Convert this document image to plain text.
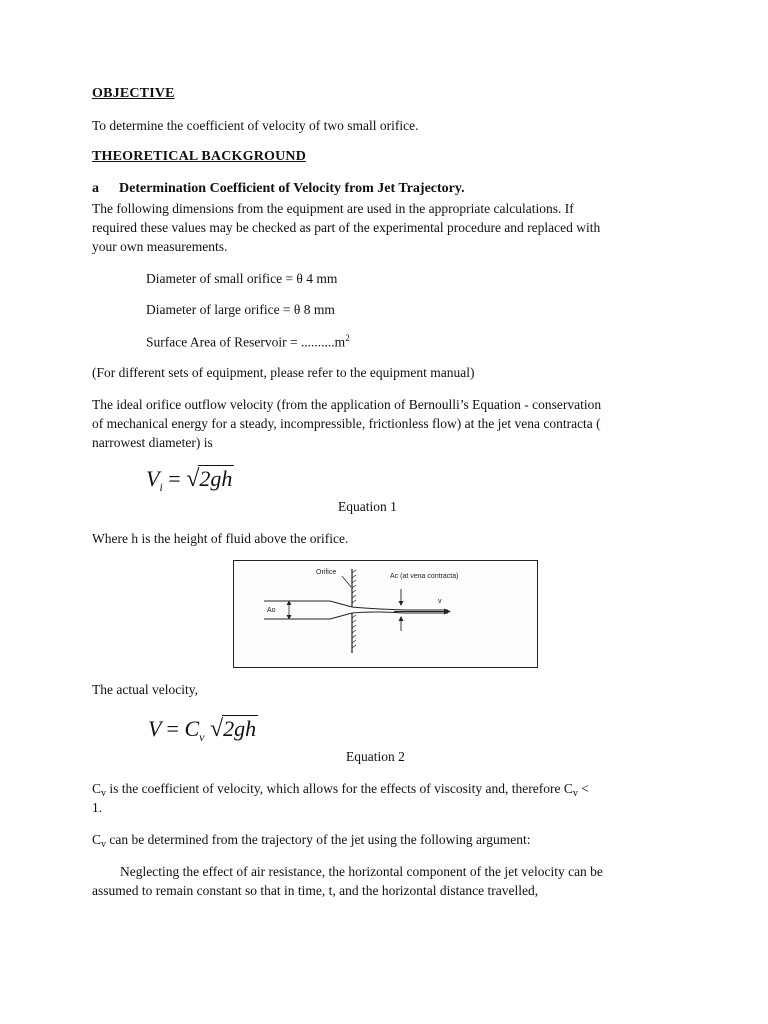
OBJECTIVE
To determine the coefficient of velocity of two small orifice.
THEORETICAL BACKGROUND
a Determination Coefficient of Velocity from Jet Trajectory.
The following dimensions from the equipment are used in the appropriate calculations. If
required these values may be checked as part of the experimental procedure and replaced with
your own measurements.
Diameter of small orifice = θ 4 mm
Diameter of large orifice = θ 8 mm
Surface Area of Reservoir = $..........m^2$
(For different sets of equipment, please refer to the equipment manual)
The ideal orifice outflow velocity (from the application of Bernoulli’s Equation - conservation
of mechanical energy for a steady, incompressible, frictionless flow) at the jet vena contracta (
narrowest diameter) is
$V_i = √2gh$
Equation 1
Where h is the height of fluid above the orifice.
Orifice
Ac (at vena contracta)
Ao
v
The actual velocity,
$V = C_v$ √2gh
Equation 2
$C_v$ is the coefficient of velocity, which allows for the effects of viscosity and, therefore $C_v$ <
1.
$C_v$ can be determined from the trajectory of the jet using the following argument:
Neglecting the effect of air resistance, the horizontal component of the jet velocity can be
assumed to remain constant so that in time, t, and the horizontal distance travelled,
